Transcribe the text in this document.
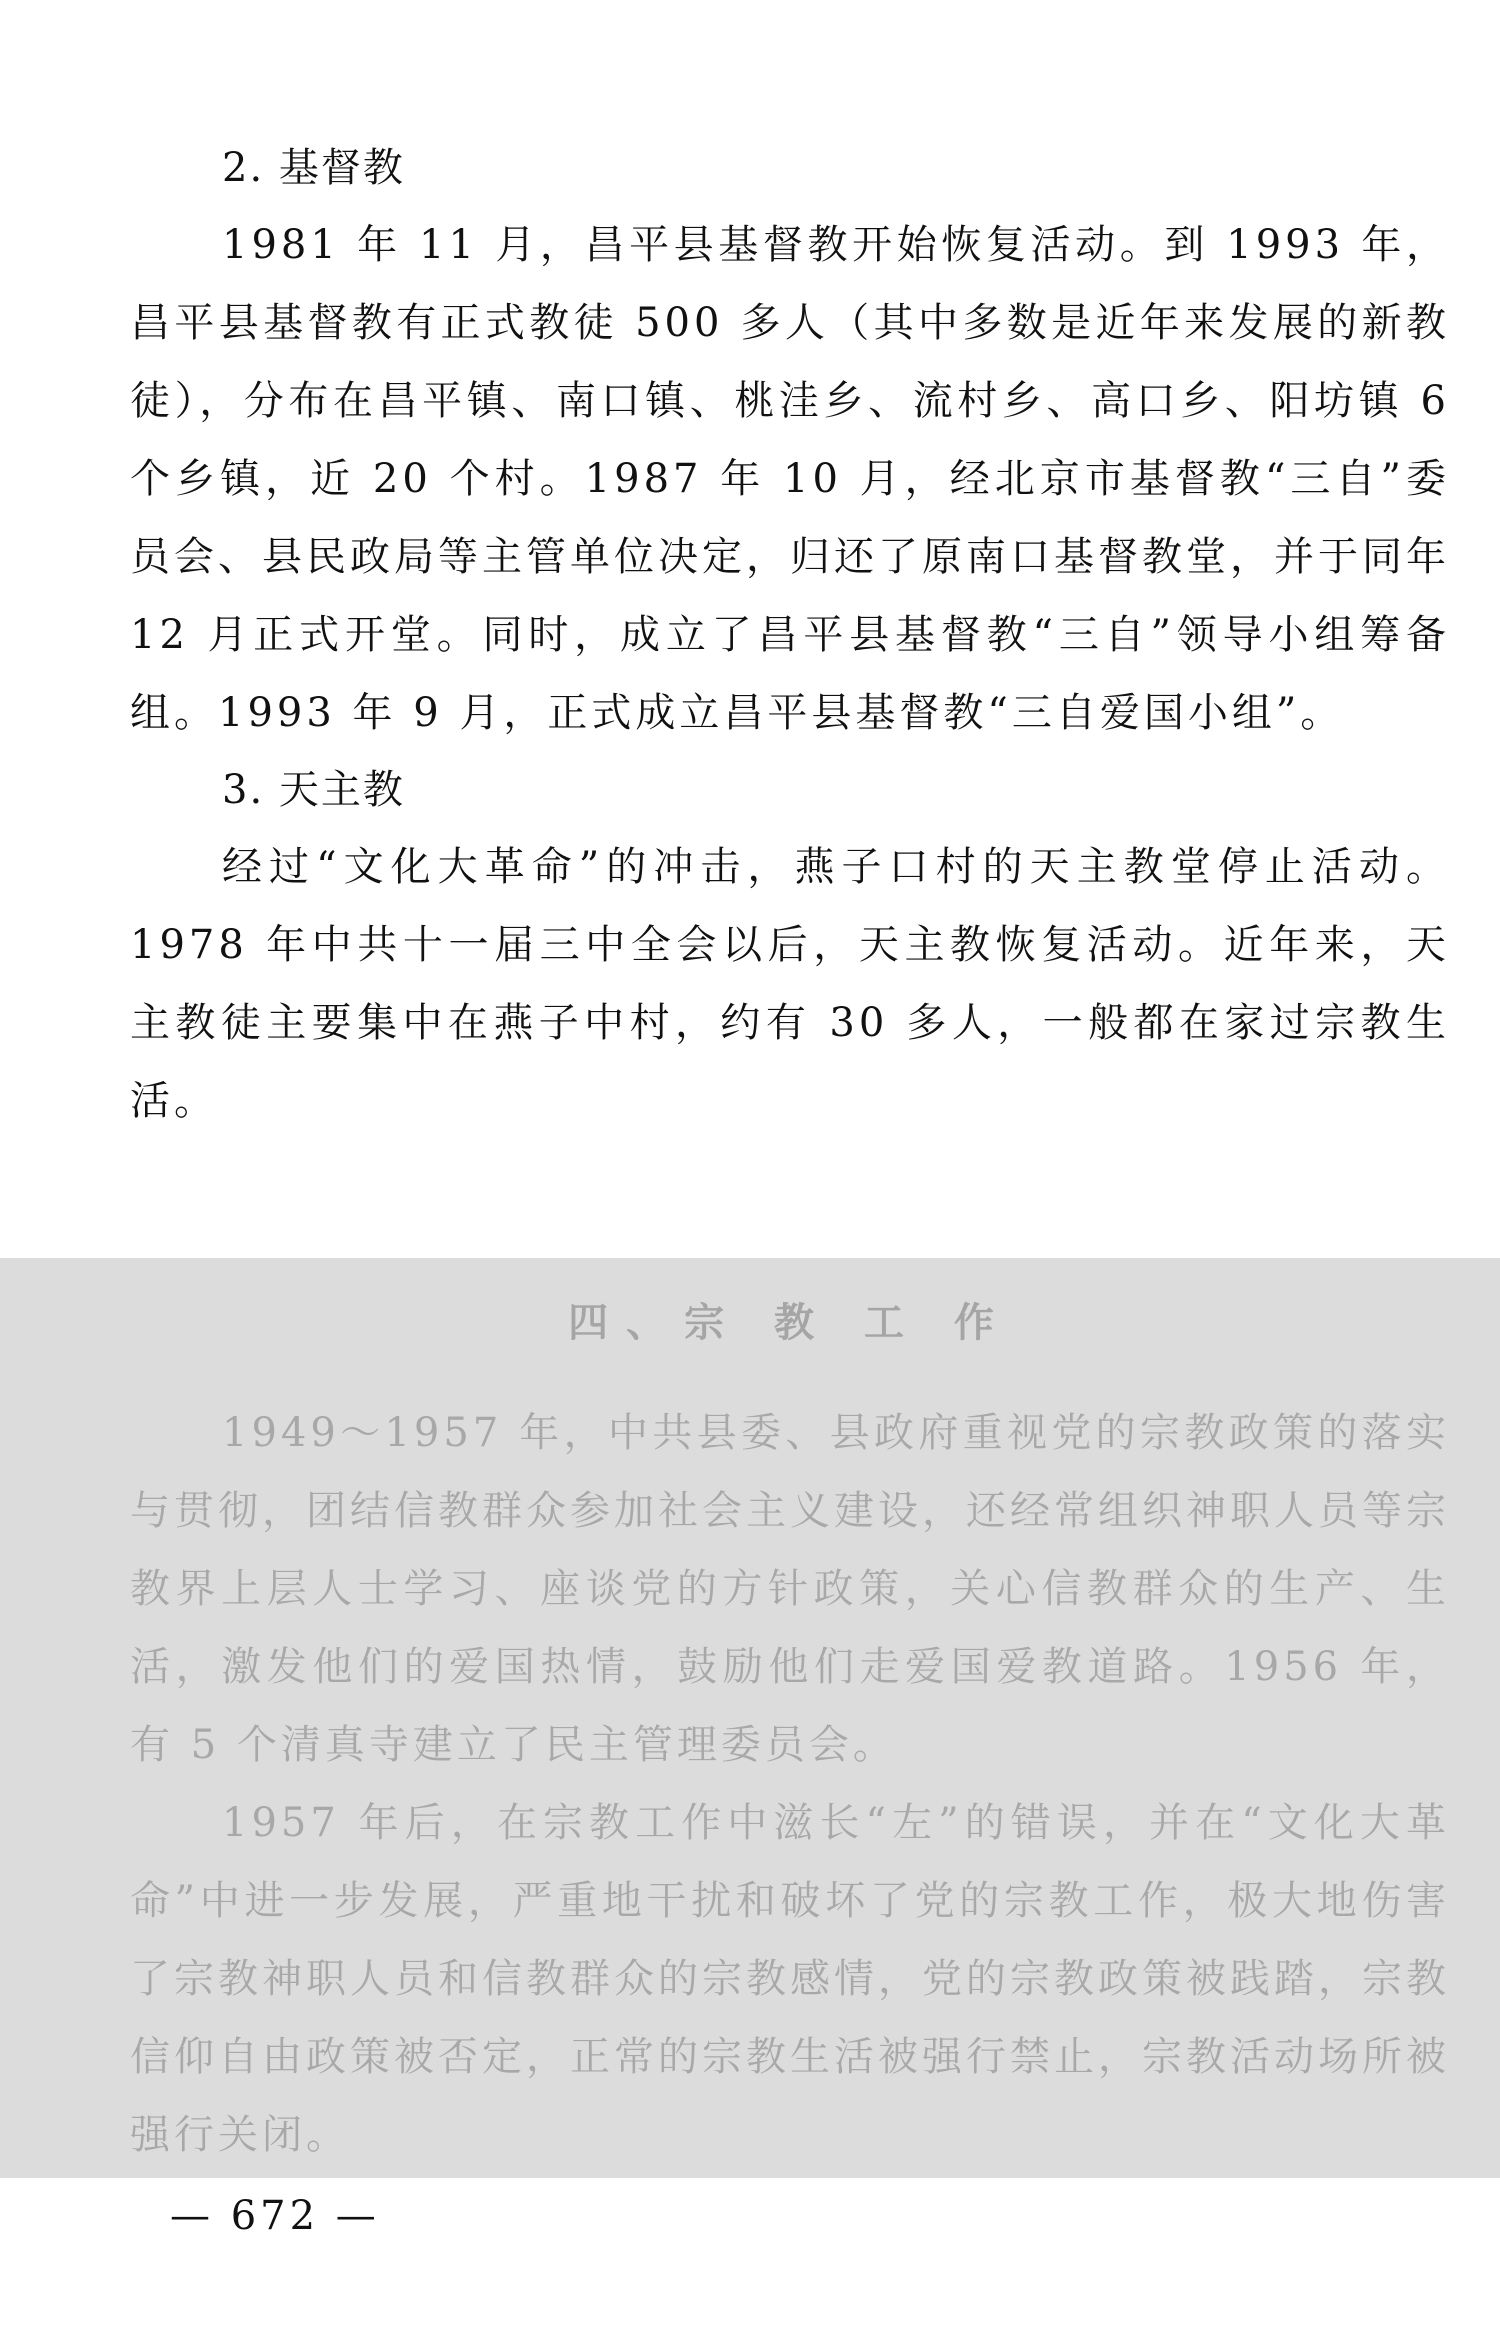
2. 基督教

1981 年 11 月，昌平县基督教开始恢复活动。到 1993 年，昌平县基督教有正式教徒 500 多人（其中多数是近年来发展的新教徒），分布在昌平镇、南口镇、桃洼乡、流村乡、高口乡、阳坊镇 6 个乡镇，近 20 个村。1987 年 10 月，经北京市基督教“三自”委员会、县民政局等主管单位决定，归还了原南口基督教堂，并于同年 12 月正式开堂。同时，成立了昌平县基督教“三自”领导小组筹备组。1993 年 9 月，正式成立昌平县基督教“三自爱国小组”。

3. 天主教

经过“文化大革命”的冲击，燕子口村的天主教堂停止活动。1978 年中共十一届三中全会以后，天主教恢复活动。近年来，天主教徒主要集中在燕子中村，约有 30 多人，一般都在家过宗教生活。

四、宗 教 工 作

1949～1957 年，中共县委、县政府重视党的宗教政策的落实与贯彻，团结信教群众参加社会主义建设，还经常组织神职人员等宗教界上层人士学习、座谈党的方针政策，关心信教群众的生产、生活，激发他们的爱国热情，鼓励他们走爱国爱教道路。1956 年，有 5 个清真寺建立了民主管理委员会。

1957 年后，在宗教工作中滋长“左”的错误，并在“文化大革命”中进一步发展，严重地干扰和破坏了党的宗教工作，极大地伤害了宗教神职人员和信教群众的宗教感情，党的宗教政策被践踏，宗教信仰自由政策被否定，正常的宗教生活被强行禁止，宗教活动场所被强行关闭。

— 672 —
